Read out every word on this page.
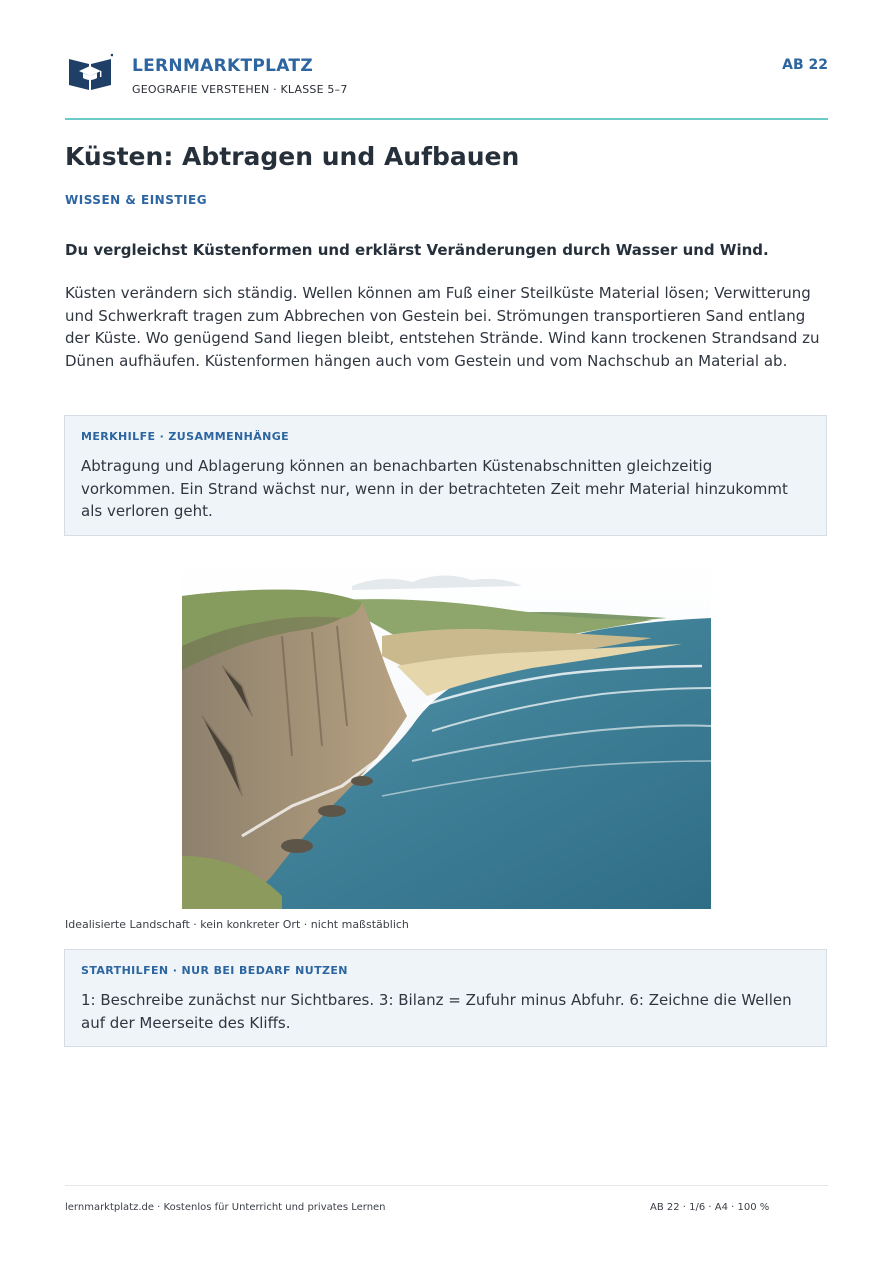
LERNMARKTPLATZ
GEOGRAFIE VERSTEHEN · KLASSE 5–7
AB 22
Küsten: Abtragen und Aufbauen
WISSEN & EINSTIEG
Du vergleichst Küstenformen und erklärst Veränderungen durch Wasser und Wind.

Küsten verändern sich ständig. Wellen können am Fuß einer Steilküste Material lösen; Verwitterung und Schwerkraft tragen zum Abbrechen von Gestein bei. Strömungen transportieren Sand entlang der Küste. Wo genügend Sand liegen bleibt, entstehen Strände. Wind kann trockenen Strandsand zu Dünen aufhäufen. Küstenformen hängen auch vom Gestein und vom Nachschub an Material ab.

MERKHILFE · ZUSAMMENHÄNGE

Abtragung und Ablagerung können an benachbarten Küstenabschnitten gleichzeitig vorkommen. Ein Strand wächst nur, wenn in der betrachteten Zeit mehr Material hinzukommt als verloren geht.

Idealisierte Landschaft · kein konkreter Ort · nicht maßstäblich
STARTHILFEN · NUR BEI BEDARF NUTZEN

1: Beschreibe zunächst nur Sichtbares. 3: Bilanz = Zufuhr minus Abfuhr. 6: Zeichne die Wellen auf der Meerseite des Kliffs.

lernmarktplatz.de · Kostenlos für Unterricht und privates Lernen	AB 22 · 1/6 · A4 · 100 %
